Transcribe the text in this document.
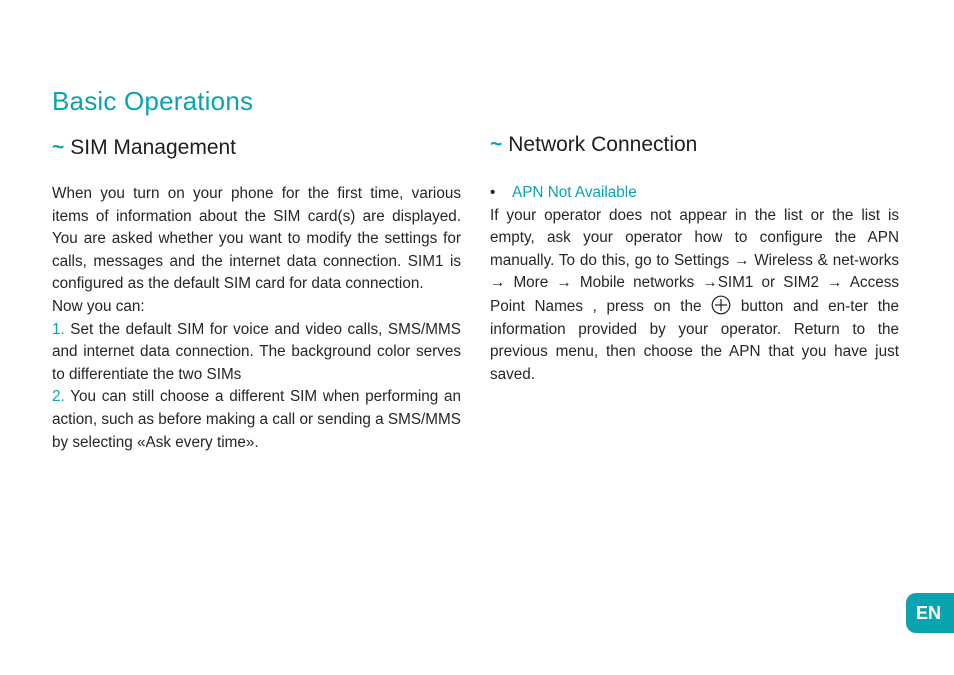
Basic Operations
~ SIM Management

When you turn on your phone for the first time, various items of information about the SIM card(s) are displayed. You are asked whether you want to modify the settings for calls, messages and the internet data connection. SIM1 is configured as the default SIM card for data connection.

Now you can:

1. Set the default SIM for voice and video calls, SMS/MMS and internet data connection. The background color serves to differentiate the two SIMs

2. You can still choose a different SIM when performing an action, such as before making a call or sending a SMS/MMS by selecting «Ask every time».

~ Network Connection

• APN Not Available

If your operator does not appear in the list or the list is empty, ask your operator how to configure the APN manually. To do this, go to Settings → Wireless & net-works → More → Mobile networks →SIM1 or SIM2 → Access Point Names , press on the	button and en-ter the information provided by your operator. Return to the previous menu, then choose the APN that you have just saved.

EN
